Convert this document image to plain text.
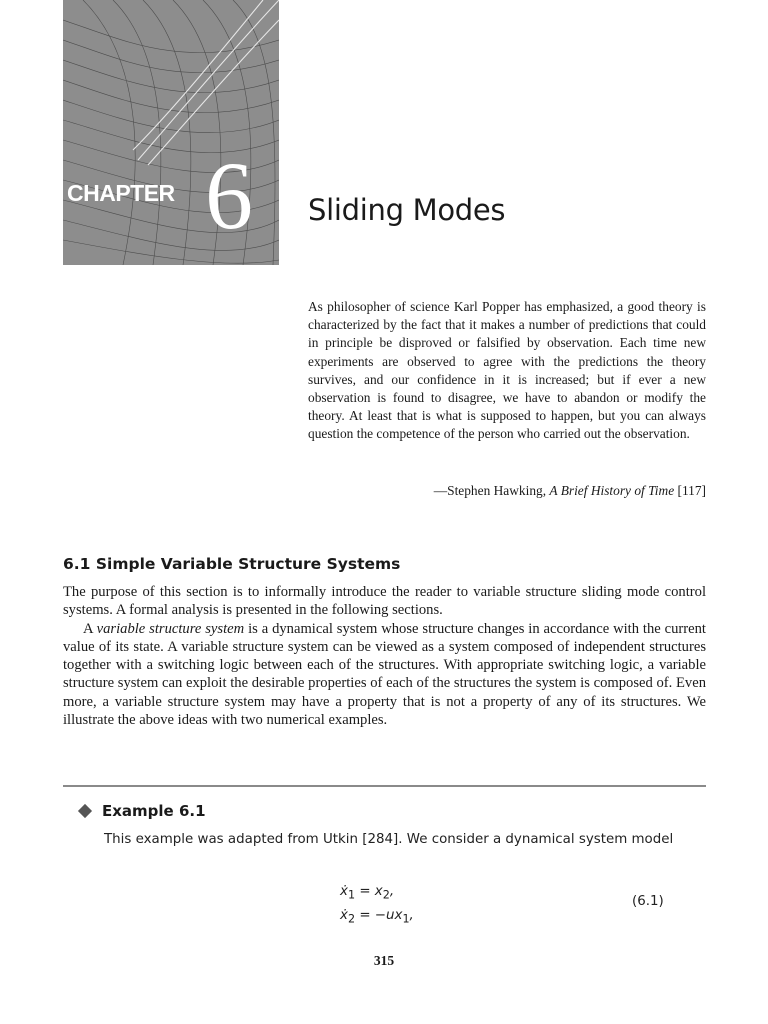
CHAPTER 6 Sliding Modes

As philosopher of science Karl Popper has emphasized, a good theory is characterized by the fact that it makes a number of predictions that could in principle be disproved or falsified by observation. Each time new experiments are observed to agree with the predictions the theory survives, and our confidence in it is increased; but if ever a new observation is found to disagree, we have to abandon or modify the theory. At least that is what is supposed to happen, but you can always question the competence of the person who carried out the observation.

—Stephen Hawking, A Brief History of Time [117]
6.1 Simple Variable Structure Systems

The purpose of this section is to informally introduce the reader to variable structure sliding mode control systems. A formal analysis is presented in the following sections.

A variable structure system is a dynamical system whose structure changes in accordance with the current value of its state. A variable structure system can be viewed as a system composed of independent structures together with a switching logic between each of the structures. With appropriate switching logic, a variable structure system can exploit the desirable properties of each of the structures the system is composed of. Even more, a variable structure system may have a property that is not a property of any of its structures. We illustrate the above ideas with two numerical examples.

Example 6.1
This example was adapted from Utkin [284]. We consider a dynamical system model
ẋ$_1$ = $x_2$,
ẋ$_2$ = $-ux_1$,
(6.1)
315
